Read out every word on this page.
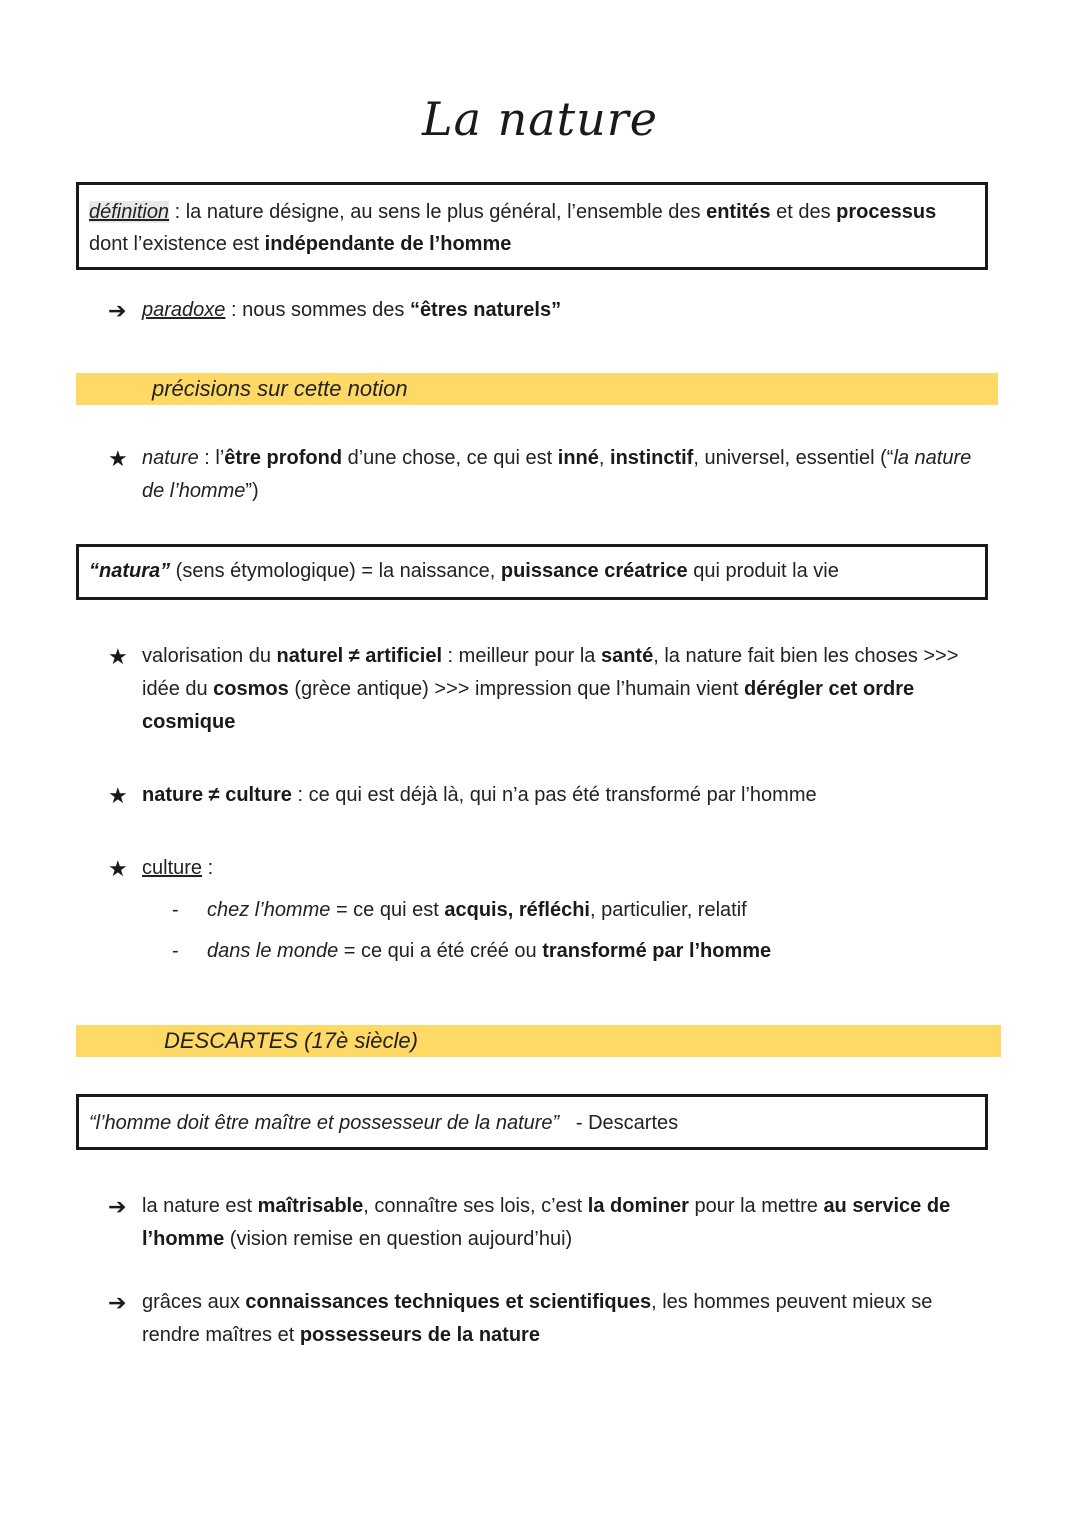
La nature
définition : la nature désigne, au sens le plus général, l’ensemble des entités et des processus
dont l’existence est indépendante de l’homme
➔ paradoxe : nous sommes des “êtres naturels”
précisions sur cette notion
★ nature : l’être profond d’une chose, ce qui est inné, instinctif, universel, essentiel (“la nature
de l’homme”)
“natura” (sens étymologique) = la naissance, puissance créatrice qui produit la vie
★ valorisation du naturel ≠ artificiel : meilleur pour la santé, la nature fait bien les choses >>>
idée du cosmos (grèce antique) >>> impression que l’humain vient dérégler cet ordre
cosmique
★ nature ≠ culture : ce qui est déjà là, qui n’a pas été transformé par l’homme
★ culture :
- chez l’homme = ce qui est acquis, réfléchi, particulier, relatif
- dans le monde = ce qui a été créé ou transformé par l’homme
DESCARTES (17è siècle)
“l’homme doit être maître et possesseur de la nature”   - Descartes
➔ la nature est maîtrisable, connaître ses lois, c’est la dominer pour la mettre au service de
l’homme (vision remise en question aujourd’hui)
➔ grâces aux connaissances techniques et scientifiques, les hommes peuvent mieux se
rendre maîtres et possesseurs de la nature
